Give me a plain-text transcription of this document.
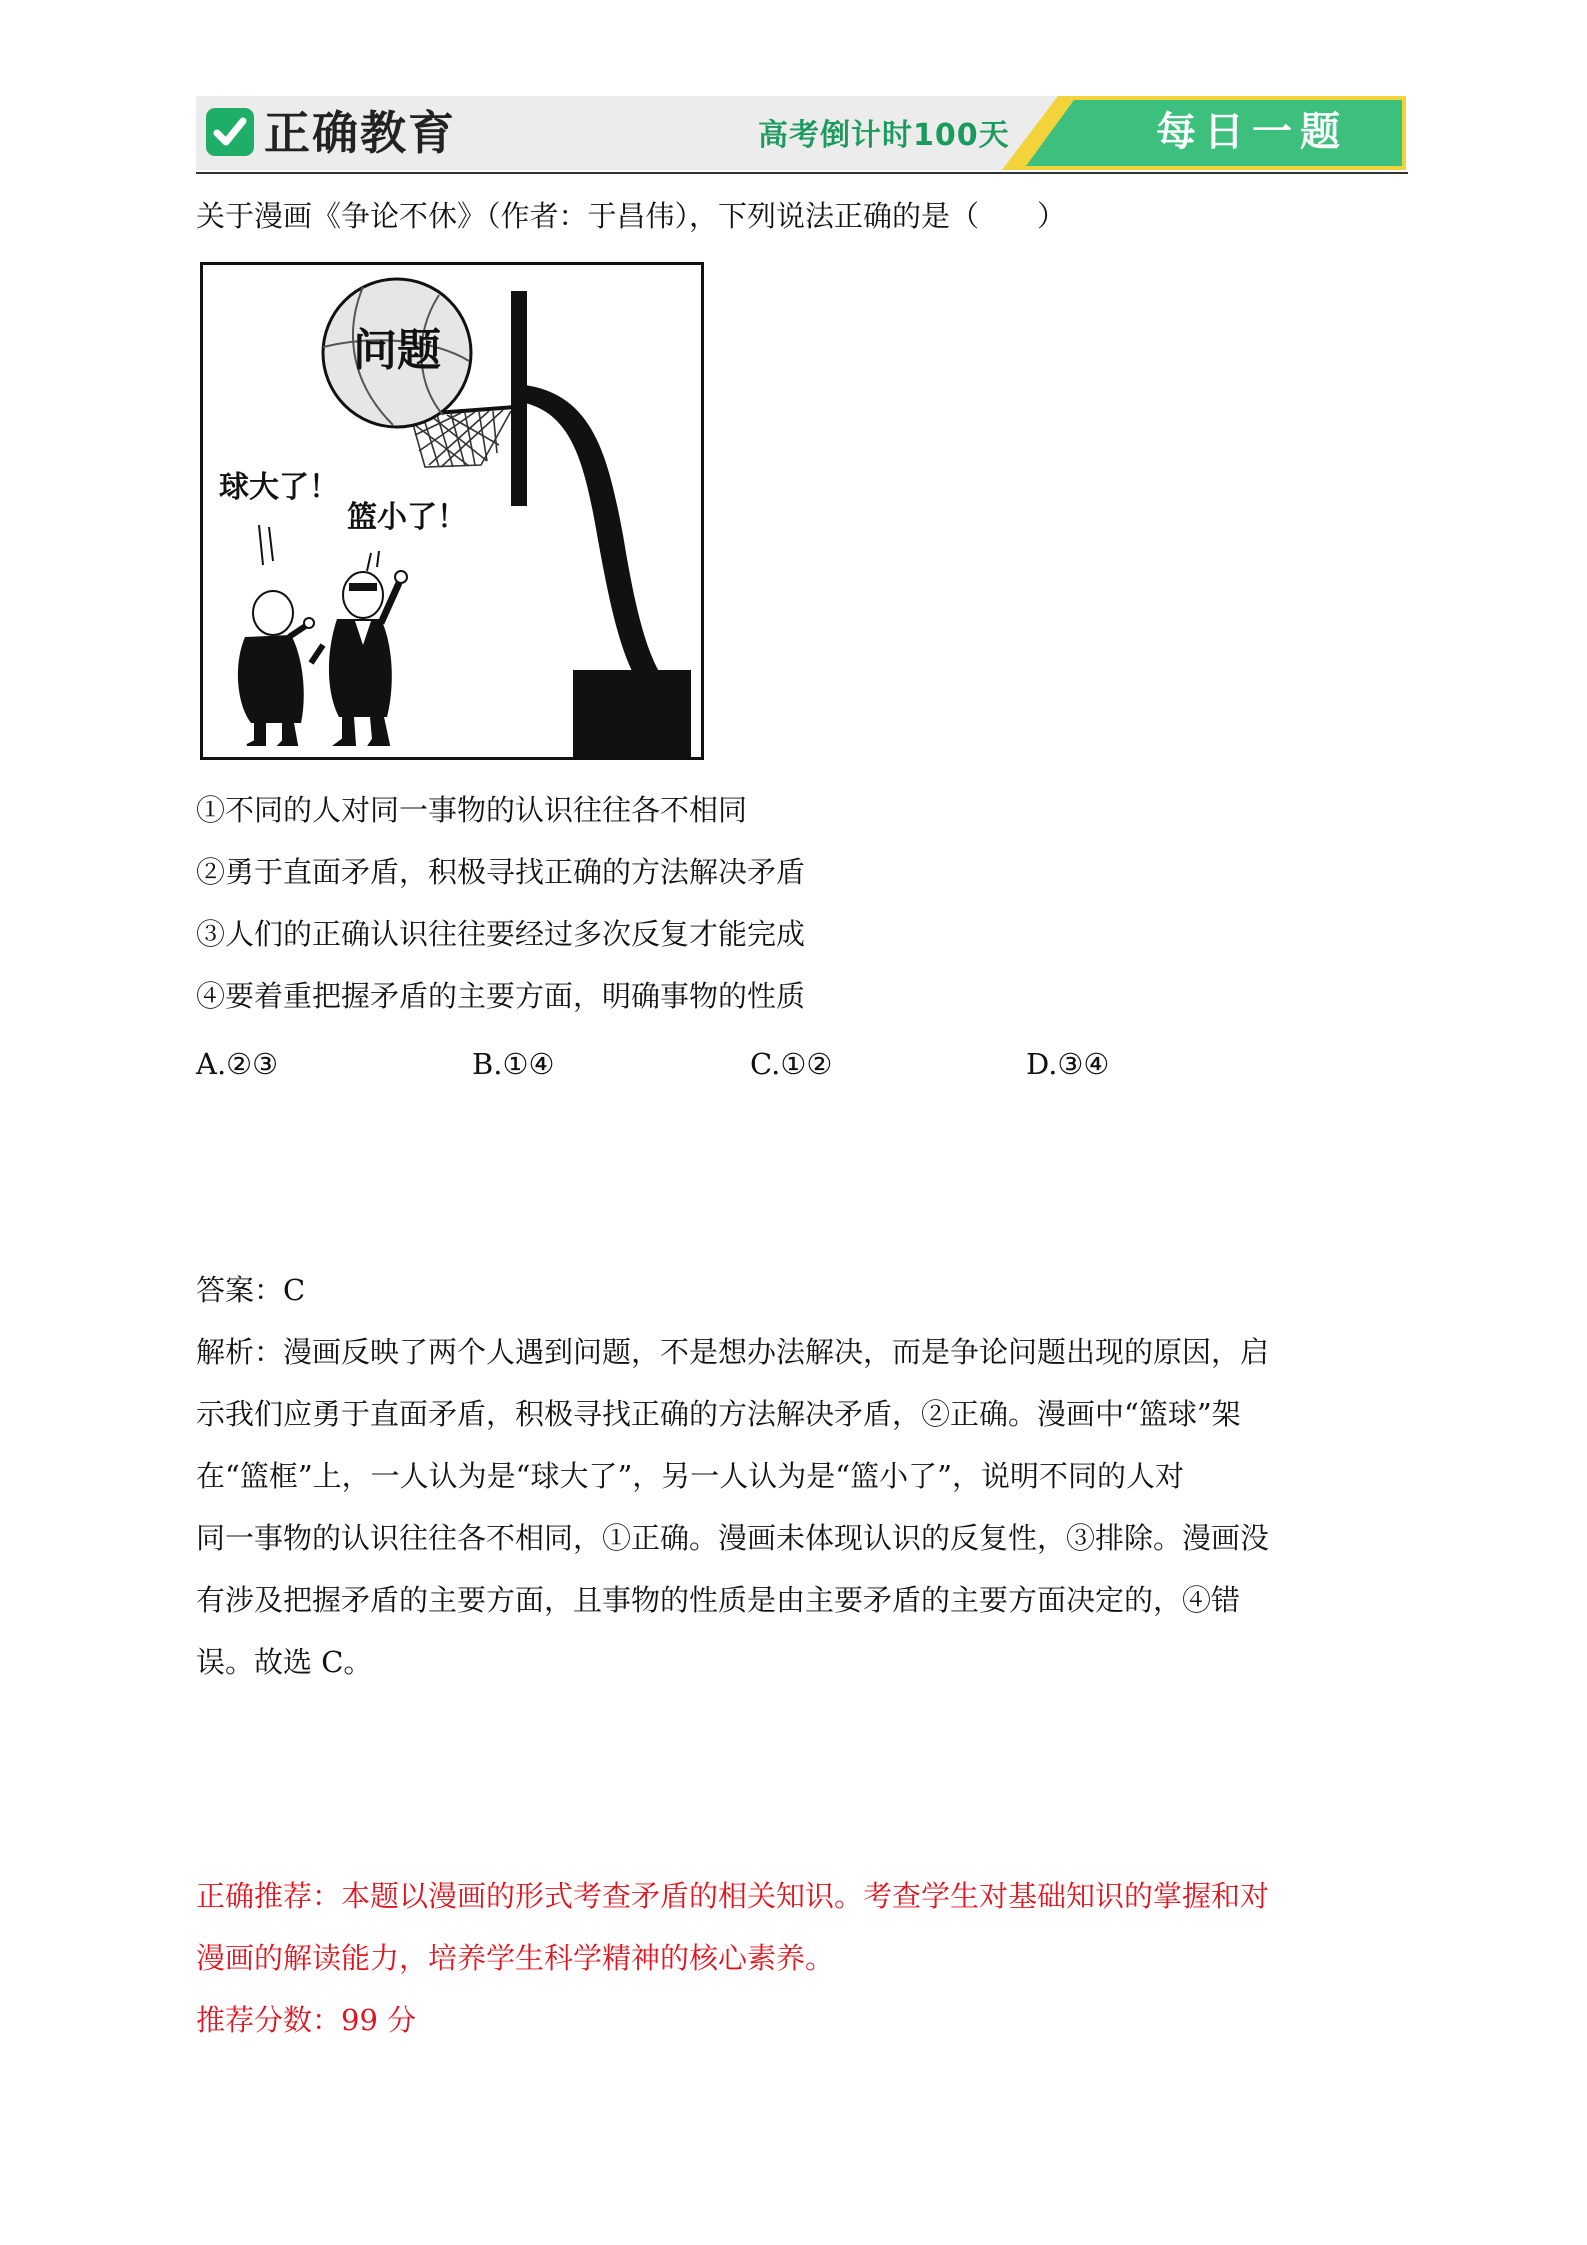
正确教育	高考倒计时100天	每日一题
关于漫画《争论不休》（作者：于昌伟），下列说法正确的是（　　）
问题
球大了！
篮小了！
①不同的人对同一事物的认识往往各不相同
②勇于直面矛盾，积极寻找正确的方法解决矛盾
③人们的正确认识往往要经过多次反复才能完成
④要着重把握矛盾的主要方面，明确事物的性质
A.②③	B.①④	C.①②	D.③④
答案：C
解析：漫画反映了两个人遇到问题，不是想办法解决，而是争论问题出现的原因，启
示我们应勇于直面矛盾，积极寻找正确的方法解决矛盾，②正确。漫画中“篮球”架
在“篮框”上，一人认为是“球大了”，另一人认为是“篮小了”，说明不同的人对
同一事物的认识往往各不相同，①正确。漫画未体现认识的反复性，③排除。漫画没
有涉及把握矛盾的主要方面，且事物的性质是由主要矛盾的主要方面决定的，④错
误。故选 C。
正确推荐：本题以漫画的形式考查矛盾的相关知识。考查学生对基础知识的掌握和对
漫画的解读能力，培养学生科学精神的核心素养。
推荐分数：99 分
